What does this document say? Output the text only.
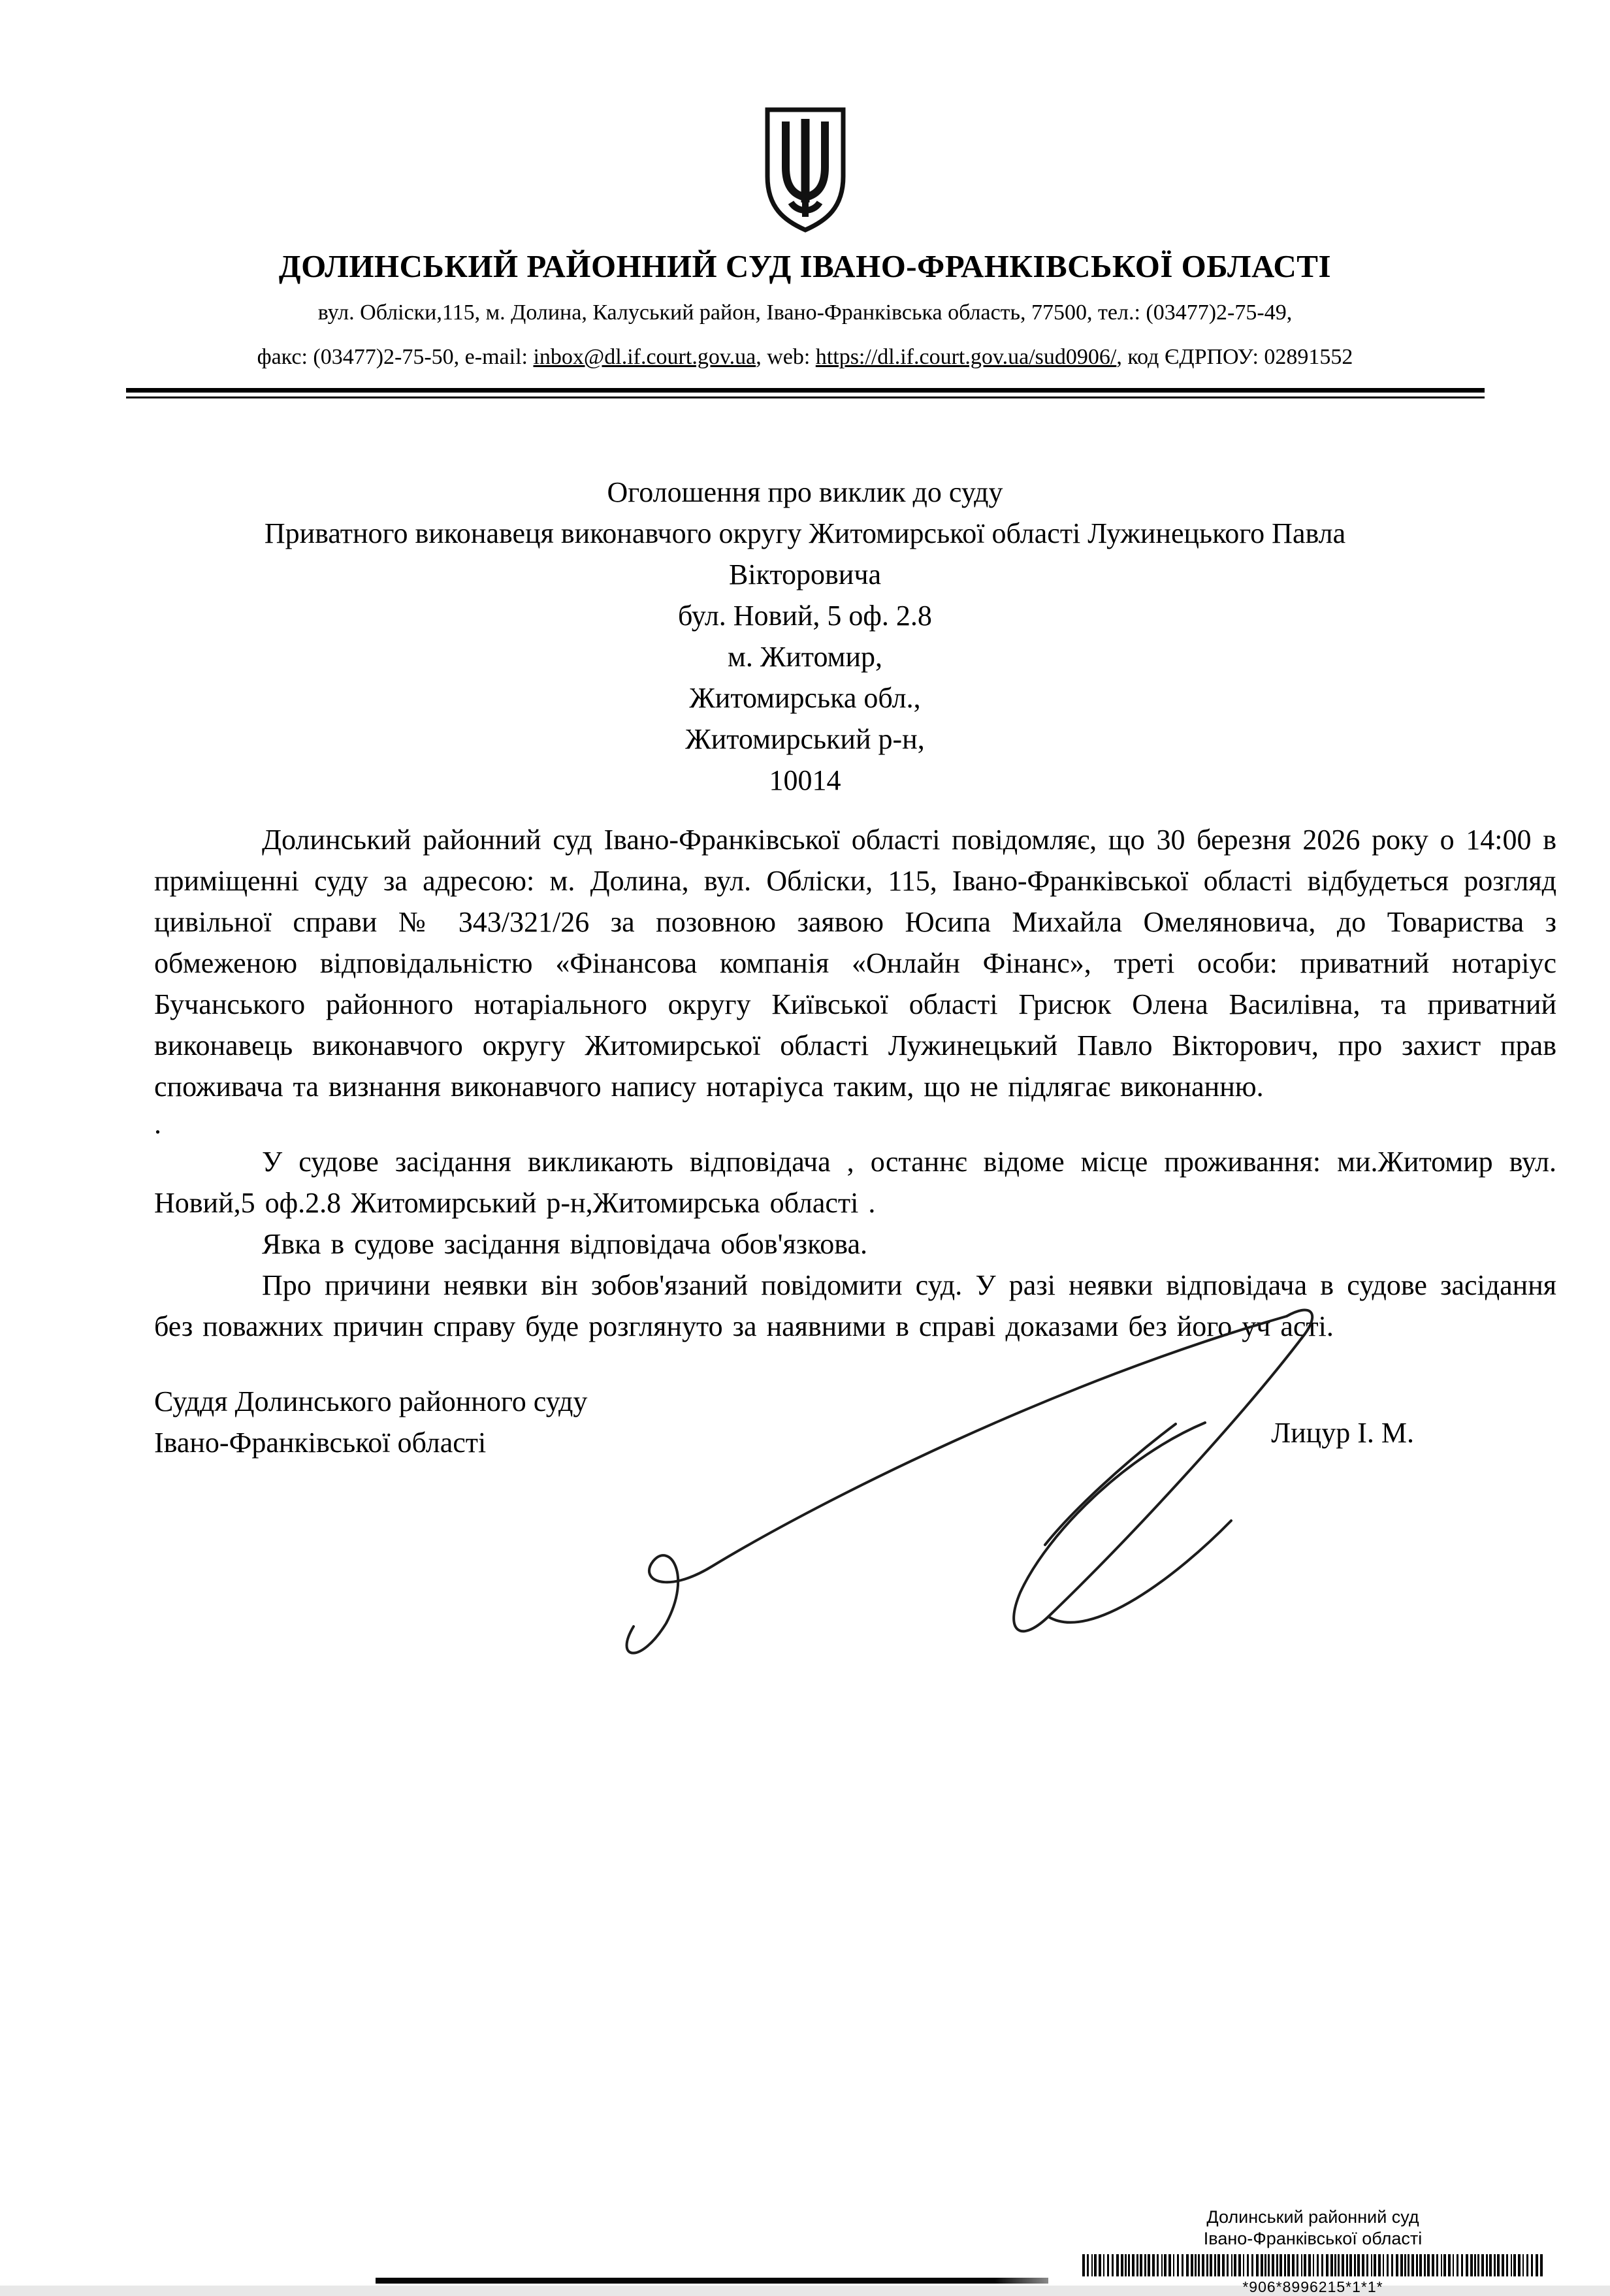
ДОЛИНСЬКИЙ РАЙОННИЙ СУД ІВАНО-ФРАНКІВСЬКОЇ ОБЛАСТІ
вул. Обліски,115, м. Долина, Калуський район, Івано-Франківська область, 77500, тел.: (03477)2-75-49,
факс: (03477)2-75-50, e-mail: inbox@dl.if.court.gov.ua, web: https://dl.if.court.gov.ua/sud0906/, код ЄДРПОУ: 02891552
Оголошення про виклик до суду
Приватного виконавеця виконавчого округу Житомирської області Лужинецького Павла
Вікторовича
бул. Новий, 5 оф. 2.8
м. Житомир,
Житомирська обл.,
Житомирський р-н,
10014

Долинський районний суд Івано-Франківської області повідомляє, що 30 березня 2026 року о 14:00 в приміщенні суду за адресою: м. Долина, вул. Обліски, 115, Івано-Франківської області відбудеться розгляд цивільної справи № 343/321/26 за позовною заявою Юсипа Михайла Омеляновича, до Товариства з обмеженою відповідальністю «Фінансова компанія «Онлайн Фінанс», треті особи: приватний нотаріус Бучанського районного нотаріального округу Київської області Грисюк Олена Василівна, та приватний виконавець виконавчого округу Житомирської області Лужинецький Павло Вікторович, про захист прав споживача та визнання виконавчого напису нотаріуса таким, що не підлягає виконанню.

.

У судове засідання викликають відповідача , останнє відоме місце проживання: ми.Житомир вул. Новий,5 оф.2.8 Житомирський р-н,Житомирська області .

Явка в судове засідання відповідача обов'язкова.

Про причини неявки він зобов'язаний повідомити суд. У разі неявки відповідача в судове засідання без поважних причин справу буде розглянуто за наявними в справі доказами без його уч асті.

Суддя Долинського районного суду
Івано-Франківської області	Лицур І. М.
Долинський районний суд
Івано-Франківської області
*906*8996215*1*1*
